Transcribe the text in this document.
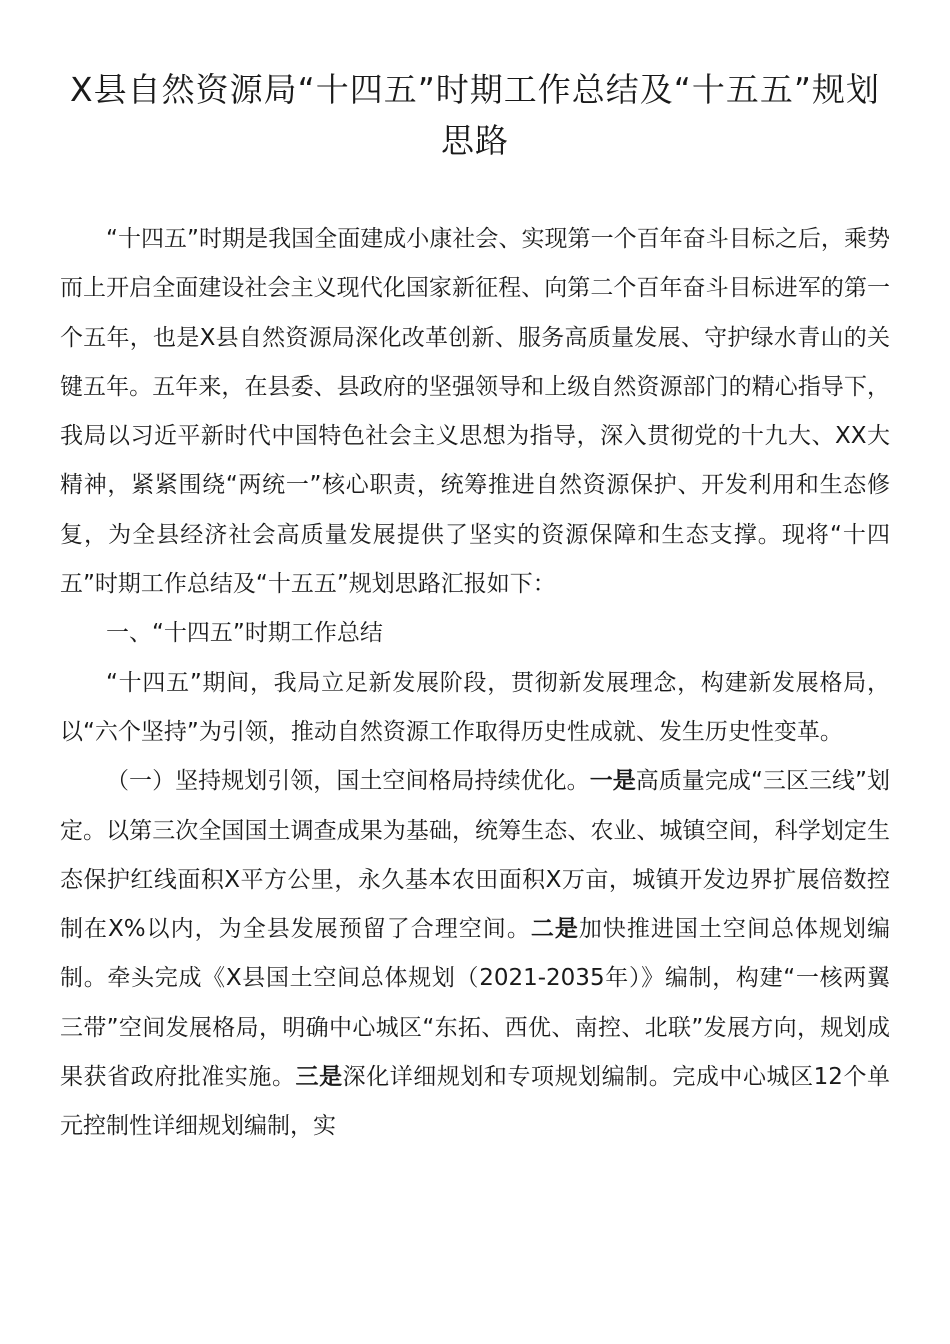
X县自然资源局“十四五”时期工作总结及“十五五”规划思路

“十四五”时期是我国全面建成小康社会、实现第一个百年奋斗目标之后，乘势而上开启全面建设社会主义现代化国家新征程、向第二个百年奋斗目标进军的第一个五年，也是X县自然资源局深化改革创新、服务高质量发展、守护绿水青山的关键五年。五年来，在县委、县政府的坚强领导和上级自然资源部门的精心指导下，我局以习近平新时代中国特色社会主义思想为指导，深入贯彻党的十九大、XX大精神，紧紧围绕“两统一”核心职责，统筹推进自然资源保护、开发利用和生态修复，为全县经济社会高质量发展提供了坚实的资源保障和生态支撑。现将“十四五”时期工作总结及“十五五”规划思路汇报如下：

一、“十四五”时期工作总结

“十四五”期间，我局立足新发展阶段，贯彻新发展理念，构建新发展格局，以“六个坚持”为引领，推动自然资源工作取得历史性成就、发生历史性变革。

（一）坚持规划引领，国土空间格局持续优化。一是高质量完成“三区三线”划定。以第三次全国国土调查成果为基础，统筹生态、农业、城镇空间，科学划定生态保护红线面积X平方公里，永久基本农田面积X万亩，城镇开发边界扩展倍数控制在X%以内，为全县发展预留了合理空间。二是加快推进国土空间总体规划编制。牵头完成《X县国土空间总体规划（2021-2035年）》编制，构建“一核两翼三带”空间发展格局，明确中心城区“东拓、西优、南控、北联”发展方向，规划成果获省政府批准实施。三是深化详细规划和专项规划编制。完成中心城区12个单元控制性详细规划编制，实
